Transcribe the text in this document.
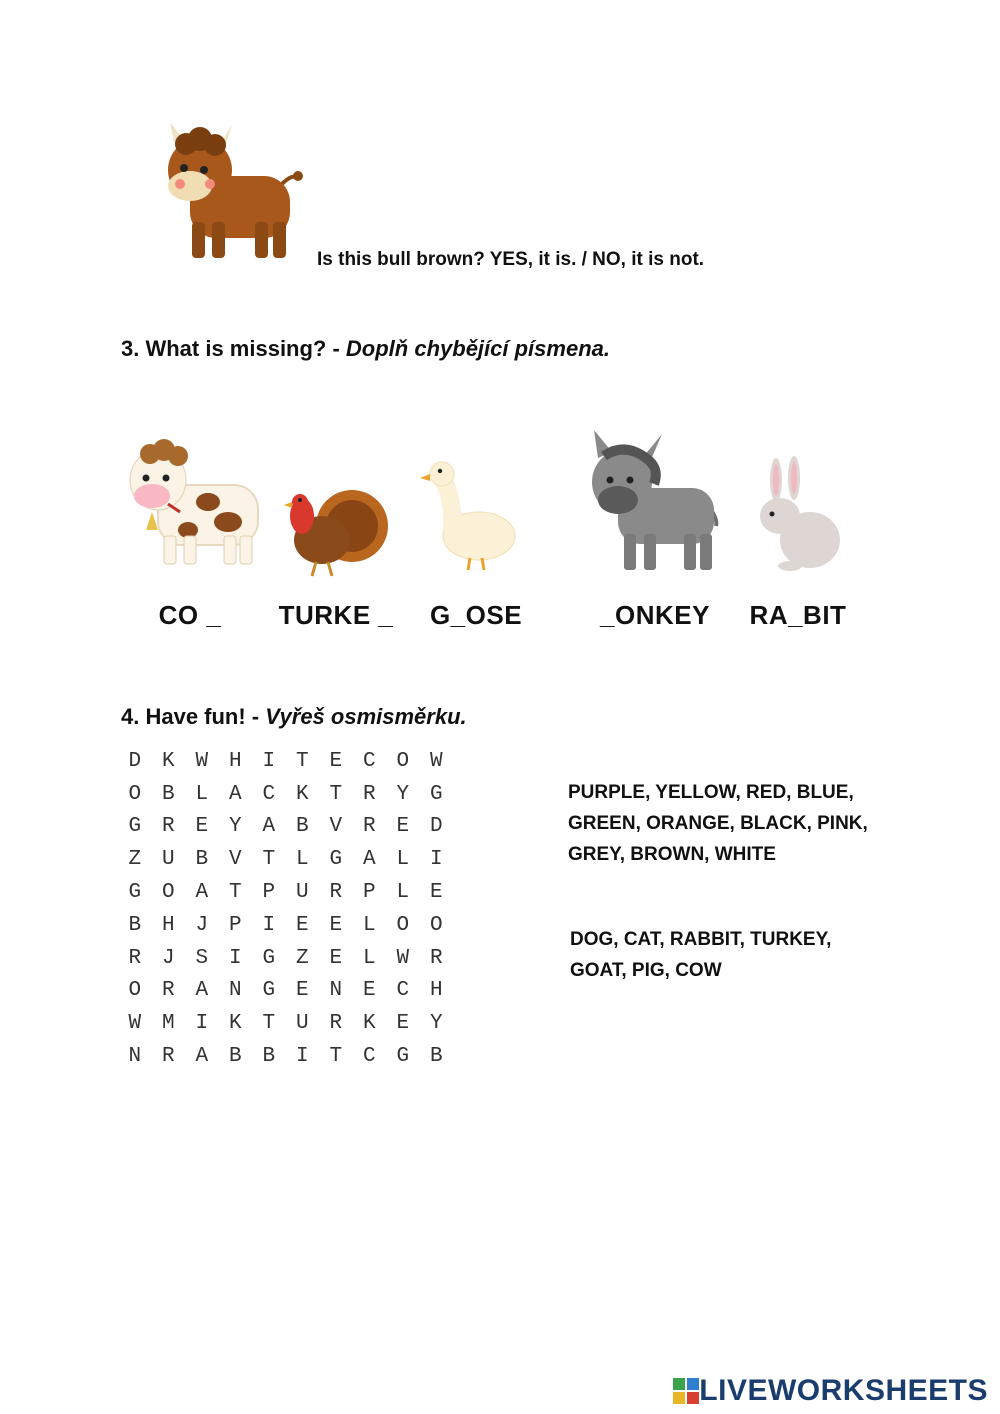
Is this bull brown? YES, it is. / NO, it is not.
3. What is missing? - Doplň chybějící písmena.
CO _	TURKE _	G_OSE	_ONKEY	RA_BIT
4. Have fun! - Vyřeš osmisměrku.
D K W H I T E C O W
O B L A C K T R Y G
G R E Y A B V R E D
Z U B V T L G A L I
G O A T P U R P L E
B H J P I E E L O O
R J S I G Z E L W R
O R A N G E N E C H
W M I K T U R K E Y
N R A B B I T C G B
PURPLE, YELLOW, RED, BLUE,
GREEN, ORANGE, BLACK, PINK,
GREY, BROWN, WHITE
DOG, CAT, RABBIT, TURKEY,
GOAT, PIG, COW
LIVEWORKSHEETS
